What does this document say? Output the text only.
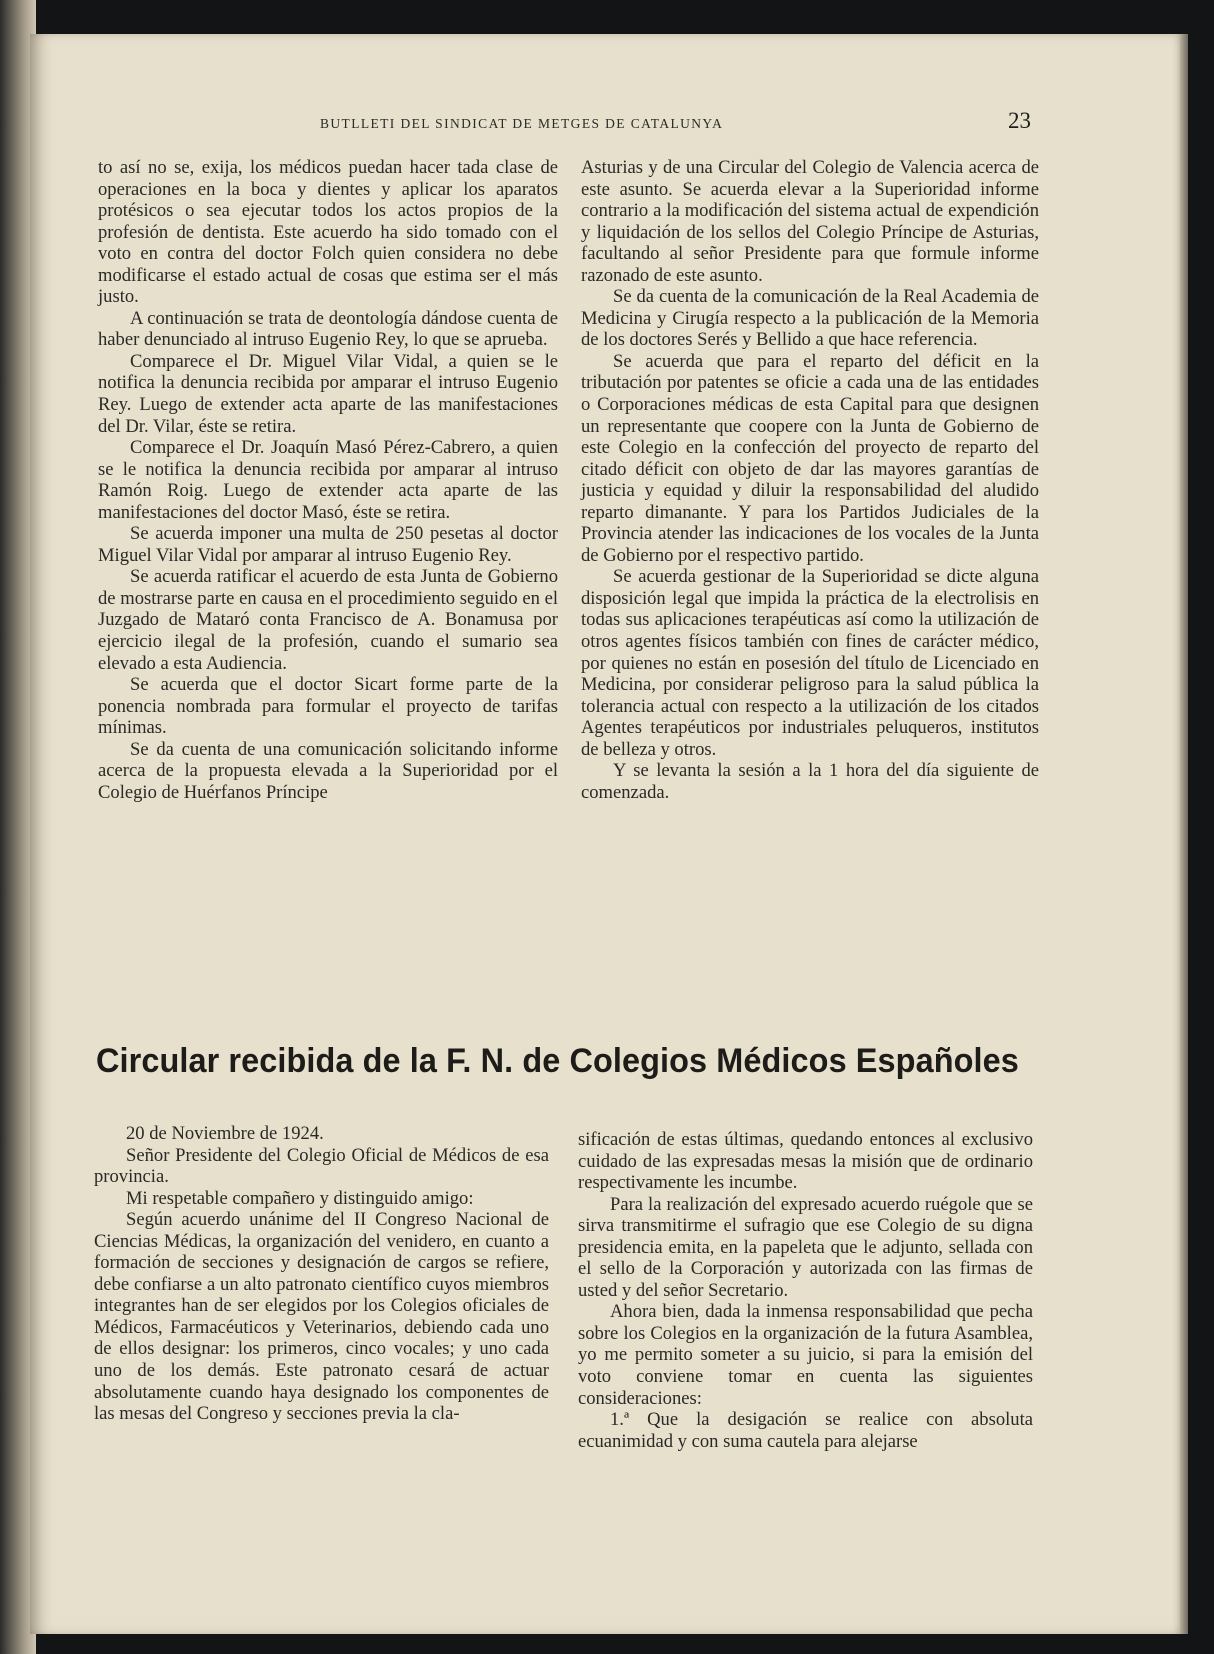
BUTLLETI DEL SINDICAT DE METGES DE CATALUNYA	23

to así no se, exija, los médicos puedan hacer tada clase de operaciones en la boca y dientes y aplicar los aparatos protésicos o sea ejecutar todos los actos propios de la profesión de dentista. Este acuerdo ha sido tomado con el voto en contra del doctor Folch quien considera no debe modificarse el estado actual de cosas que estima ser el más justo.

A continuación se trata de deontología dándose cuenta de haber denunciado al intruso Eugenio Rey, lo que se aprueba.

Comparece el Dr. Miguel Vilar Vidal, a quien se le notifica la denuncia recibida por amparar el intruso Eugenio Rey. Luego de extender acta aparte de las manifestaciones del Dr. Vilar, éste se retira.

Comparece el Dr. Joaquín Masó Pérez-Cabrero, a quien se le notifica la denuncia recibida por amparar al intruso Ramón Roig. Luego de extender acta aparte de las manifestaciones del doctor Masó, éste se retira.

Se acuerda imponer una multa de 250 pesetas al doctor Miguel Vilar Vidal por amparar al intruso Eugenio Rey.

Se acuerda ratificar el acuerdo de esta Junta de Gobierno de mostrarse parte en causa en el procedimiento seguido en el Juzgado de Mataró conta Francisco de A. Bonamusa por ejercicio ilegal de la profesión, cuando el sumario sea elevado a esta Audiencia.

Se acuerda que el doctor Sicart forme parte de la ponencia nombrada para formular el proyecto de tarifas mínimas.

Se da cuenta de una comunicación solicitando informe acerca de la propuesta elevada a la Superioridad por el Colegio de Huérfanos Príncipe

Asturias y de una Circular del Colegio de Valencia acerca de este asunto. Se acuerda elevar a la Superioridad informe contrario a la modificación del sistema actual de expendición y liquidación de los sellos del Colegio Príncipe de Asturias, facultando al señor Presidente para que formule informe razonado de este asunto.

Se da cuenta de la comunicación de la Real Academia de Medicina y Cirugía respecto a la publicación de la Memoria de los doctores Serés y Bellido a que hace referencia.

Se acuerda que para el reparto del déficit en la tributación por patentes se oficie a cada una de las entidades o Corporaciones médicas de esta Capital para que designen un representante que coopere con la Junta de Gobierno de este Colegio en la confección del proyecto de reparto del citado déficit con objeto de dar las mayores garantías de justicia y equidad y diluir la responsabilidad del aludido reparto dimanante. Y para los Partidos Judiciales de la Provincia atender las indicaciones de los vocales de la Junta de Gobierno por el respectivo partido.

Se acuerda gestionar de la Superioridad se dicte alguna disposición legal que impida la práctica de la electrolisis en todas sus aplicaciones terapéuticas así como la utilización de otros agentes físicos también con fines de carácter médico, por quienes no están en posesión del título de Licenciado en Medicina, por considerar peligroso para la salud pública la tolerancia actual con respecto a la utilización de los citados Agentes terapéuticos por industriales peluqueros, institutos de belleza y otros.

Y se levanta la sesión a la 1 hora del día siguiente de comenzada.

Circular recibida de la F. N. de Colegios Médicos Españoles

20 de Noviembre de 1924.

Señor Presidente del Colegio Oficial de Médicos de esa provincia.

Mi respetable compañero y distinguido amigo:

Según acuerdo unánime del II Congreso Nacional de Ciencias Médicas, la organización del venidero, en cuanto a formación de secciones y designación de cargos se refiere, debe confiarse a un alto patronato científico cuyos miembros integrantes han de ser elegidos por los Colegios oficiales de Médicos, Farmacéuticos y Veterinarios, debiendo cada uno de ellos designar: los primeros, cinco vocales; y uno cada uno de los demás. Este patronato cesará de actuar absolutamente cuando haya designado los componentes de las mesas del Congreso y secciones previa la cla-

sificación de estas últimas, quedando entonces al exclusivo cuidado de las expresadas mesas la misión que de ordinario respectivamente les incumbe.

Para la realización del expresado acuerdo ruégole que se sirva transmitirme el sufragio que ese Colegio de su digna presidencia emita, en la papeleta que le adjunto, sellada con el sello de la Corporación y autorizada con las firmas de usted y del señor Secretario.

Ahora bien, dada la inmensa responsabilidad que pecha sobre los Colegios en la organización de la futura Asamblea, yo me permito someter a su juicio, si para la emisión del voto conviene tomar en cuenta las siguientes consideraciones:

1.ª Que la desigación se realice con absoluta ecuanimidad y con suma cautela para alejarse
